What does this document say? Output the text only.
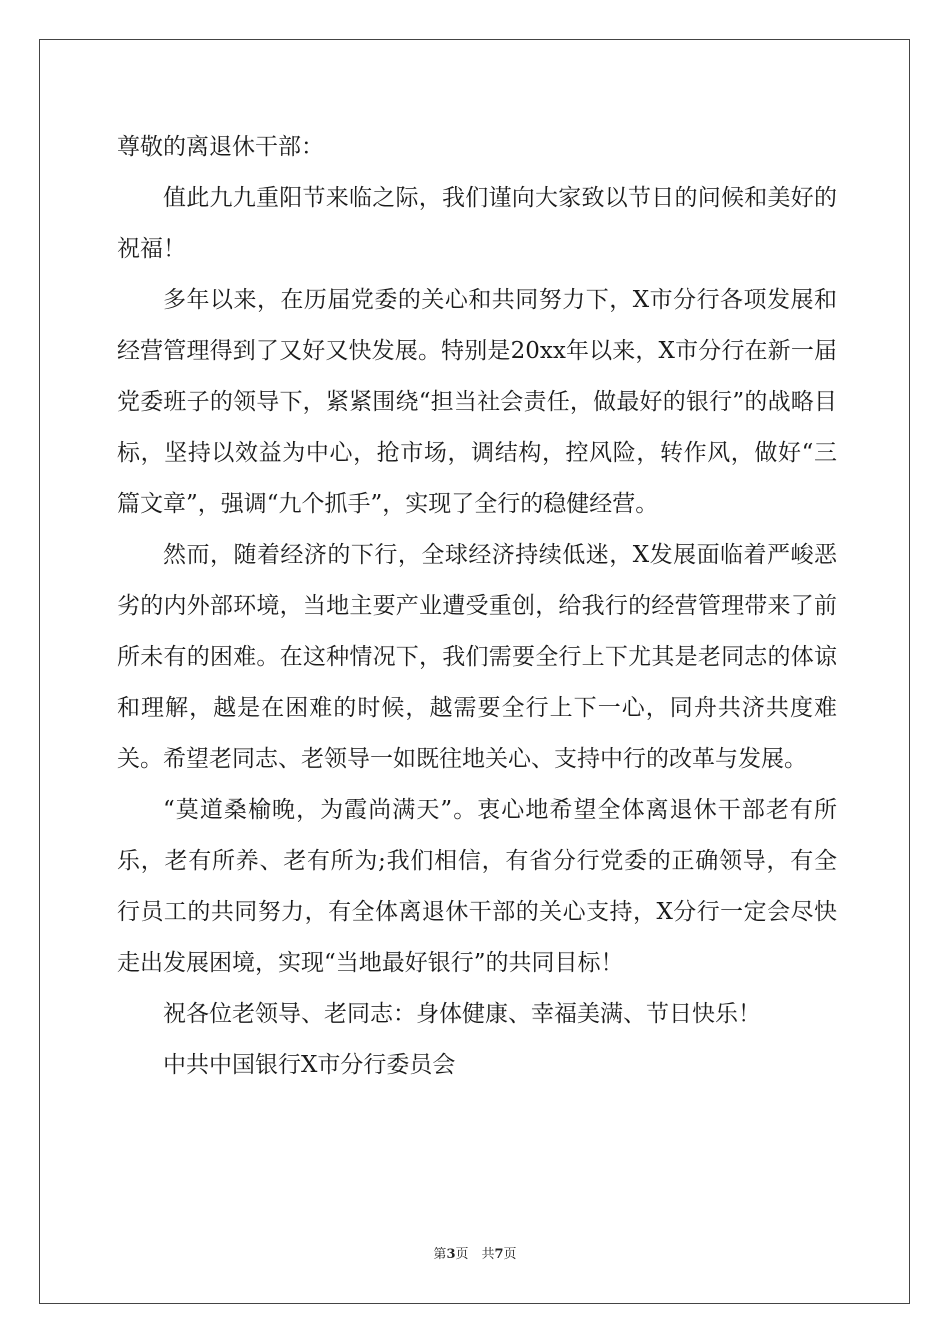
尊敬的离退休干部：

值此九九重阳节来临之际，我们谨向大家致以节日的问候和美好的祝福！

多年以来，在历届党委的关心和共同努力下，X市分行各项发展和经营管理得到了又好又快发展。特别是20xx年以来，X市分行在新一届党委班子的领导下，紧紧围绕“担当社会责任，做最好的银行”的战略目标，坚持以效益为中心，抢市场，调结构，控风险，转作风，做好“三篇文章”，强调“九个抓手”，实现了全行的稳健经营。

然而，随着经济的下行，全球经济持续低迷，X发展面临着严峻恶劣的内外部环境，当地主要产业遭受重创，给我行的经营管理带来了前所未有的困难。在这种情况下，我们需要全行上下尤其是老同志的体谅和理解，越是在困难的时候，越需要全行上下一心，同舟共济共度难关。希望老同志、老领导一如既往地关心、支持中行的改革与发展。

“莫道桑榆晚，为霞尚满天”。衷心地希望全体离退休干部老有所乐，老有所养、老有所为;我们相信，有省分行党委的正确领导，有全行员工的共同努力，有全体离退休干部的关心支持，X分行一定会尽快走出发展困境，实现“当地最好银行”的共同目标！

祝各位老领导、老同志：身体健康、幸福美满、节日快乐！

中共中国银行X市分行委员会

第3页　共7页
